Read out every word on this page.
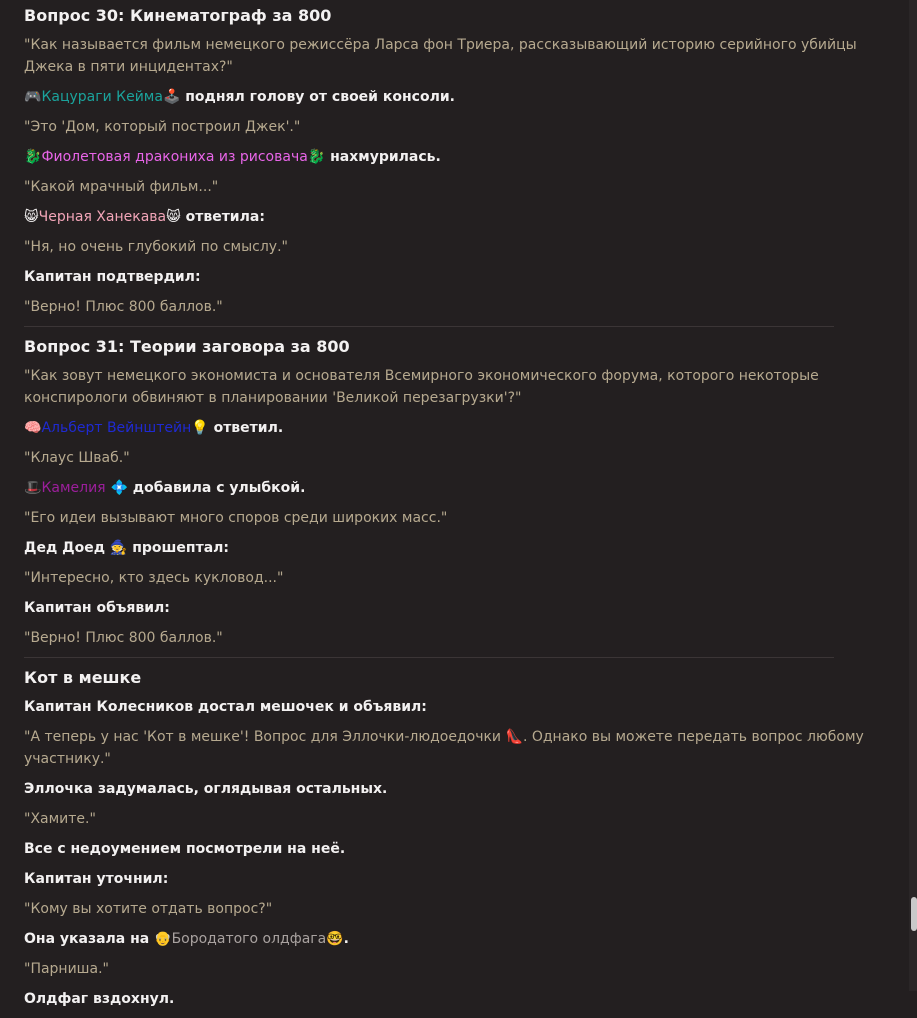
Вопрос 30: Кинематограф за 800
"Как называется фильм немецкого режиссёра Ларса фон Триера, рассказывающий историю серийного убийцы Джека в пяти инцидентах?"
🎮Кацураги Кейма🕹️ поднял голову от своей консоли.
"Это 'Дом, который построил Джек'."
🐉Фиолетовая дракониха из рисовача🐉 нахмурилась.
"Какой мрачный фильм..."
😸Черная Ханекава😸 ответила:
"Ня, но очень глубокий по смыслу."
Капитан подтвердил:
"Верно! Плюс 800 баллов."
Вопрос 31: Теории заговора за 800
"Как зовут немецкого экономиста и основателя Всемирного экономического форума, которого некоторые конспирологи обвиняют в планировании 'Великой перезагрузки'?"
🧠Альберт Вейнштейн💡 ответил.
"Клаус Шваб."
🎩Камелия 💠 добавила с улыбкой.
"Его идеи вызывают много споров среди широких масс."
Дед Доед 🧙 прошептал:
"Интересно, кто здесь кукловод..."
Капитан объявил:
"Верно! Плюс 800 баллов."
Кот в мешке
Капитан Колесников достал мешочек и объявил:
"А теперь у нас 'Кот в мешке'! Вопрос для Эллочки-людоедочки 👠. Однако вы можете передать вопрос любому участнику."
Эллочка задумалась, оглядывая остальных.
"Хамите."
Все с недоумением посмотрели на неё.
Капитан уточнил:
"Кому вы хотите отдать вопрос?"
Она указала на 👴Бородатого олдфага🤓.
"Парниша."
Олдфаг вздохнул.
